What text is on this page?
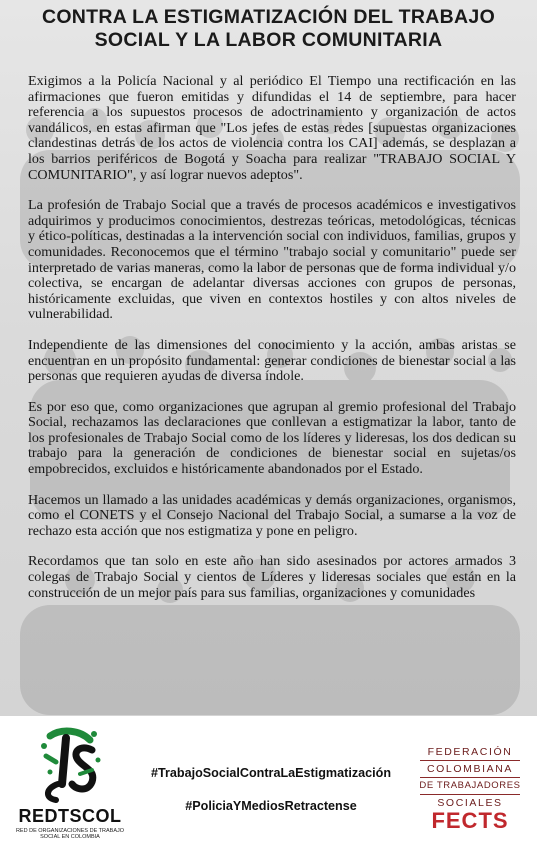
CONTRA LA ESTIGMATIZACIÓN DEL TRABAJO
SOCIAL Y LA LABOR COMUNITARIA

Exigimos a la Policía Nacional y al periódico El Tiempo una rectificación en las afirmaciones que fueron emitidas y difundidas el 14 de septiembre, para hacer referencia a los supuestos procesos de adoctrinamiento y organización de actos vandálicos, en estas afirman que "Los jefes de estas redes [supuestas organizaciones clandestinas detrás de los actos de violencia contra los CAI] además, se desplazan a los barrios periféricos de Bogotá y Soacha para realizar "TRABAJO SOCIAL Y COMUNITARIO", y así lograr nuevos adeptos".

La profesión de Trabajo Social que a través de procesos académicos e investigativos adquirimos y producimos conocimientos, destrezas teóricas, metodológicas, técnicas y ético-políticas, destinadas a la intervención social con individuos, familias, grupos y comunidades. Reconocemos que el término "trabajo social y comunitario" puede ser interpretado de varias maneras, como la labor de personas que de forma individual y/o colectiva, se encargan de adelantar diversas acciones con grupos de personas, históricamente excluidas, que viven en contextos hostiles y con altos niveles de vulnerabilidad.

Independiente de las dimensiones del conocimiento y la acción, ambas aristas se encuentran en un propósito fundamental: generar condiciones de bienestar social a las personas que requieren ayudas de diversa índole.

Es por eso que, como organizaciones que agrupan al gremio profesional del Trabajo Social, rechazamos las declaraciones que conllevan a estigmatizar la labor, tanto de los profesionales de Trabajo Social como de los líderes y lideresas, los dos dedican su trabajo para la generación de condiciones de bienestar social en sujetas/os empobrecidos, excluidos e históricamente abandonados por el Estado.

Hacemos un llamado a las unidades académicas y demás organizaciones, organismos, como el CONETS y el Consejo Nacional del Trabajo Social, a sumarse a la voz de rechazo esta acción que nos estigmatiza y pone en peligro.

Recordamos que tan solo en este año han sido asesinados por actores armados 3 colegas de Trabajo Social y cientos de Líderes y lideresas sociales que están en la construcción de un mejor país para sus familias, organizaciones y comunidades

REDTSCOL
RED DE ORGANIZACIONES DE TRABAJO SOCIAL EN COLOMBIA
#TrabajoSocialContraLaEstigmatización
#PoliciaYMediosRetractense
FEDERACIÓN
COLOMBIANA
DE TRABAJADORES
SOCIALES
FECTS
